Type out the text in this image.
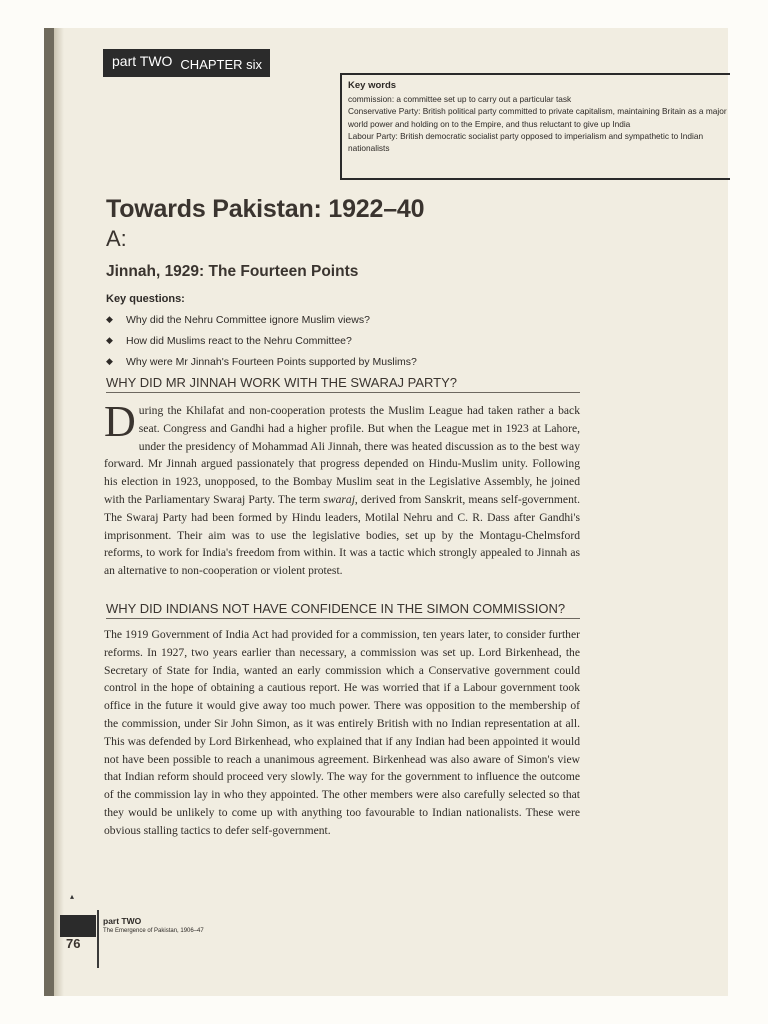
part TWO CHAPTER six
Key words
commission: a committee set up to carry out a particular task
Conservative Party: British political party committed to private capitalism, maintaining Britain as a major world power and holding on to the Empire, and thus reluctant to give up India
Labour Party: British democratic socialist party opposed to imperialism and sympathetic to Indian nationalists
Towards Pakistan: 1922–40
A:
Jinnah, 1929: The Fourteen Points
Key questions:
◆	Why did the Nehru Committee ignore Muslim views?
◆	How did Muslims react to the Nehru Committee?
◆	Why were Mr Jinnah's Fourteen Points supported by Muslims?
WHY DID MR JINNAH WORK WITH THE SWARAJ PARTY?

During the Khilafat and non-cooperation protests the Muslim League had taken rather a back seat. Congress and Gandhi had a higher profile. But when the League met in 1923 at Lahore, under the presidency of Mohammad Ali Jinnah, there was heated discussion as to the best way forward. Mr Jinnah argued passionately that progress depended on Hindu-Muslim unity. Following his election in 1923, unopposed, to the Bombay Muslim seat in the Legislative Assembly, he joined with the Parliamentary Swaraj Party. The term swaraj, derived from Sanskrit, means self-government. The Swaraj Party had been formed by Hindu leaders, Motilal Nehru and C. R. Dass after Gandhi's imprisonment. Their aim was to use the legislative bodies, set up by the Montagu-Chelmsford reforms, to work for India's freedom from within. It was a tactic which strongly appealed to Jinnah as an alternative to non-cooperation or violent protest.

WHY DID INDIANS NOT HAVE CONFIDENCE IN THE SIMON COMMISSION?

The 1919 Government of India Act had provided for a commission, ten years later, to consider further reforms. In 1927, two years earlier than necessary, a commission was set up. Lord Birkenhead, the Secretary of State for India, wanted an early commission which a Conservative government could control in the hope of obtaining a cautious report. He was worried that if a Labour government took office in the future it would give away too much power. There was opposition to the membership of the commission, under Sir John Simon, as it was entirely British with no Indian representation at all. This was defended by Lord Birkenhead, who explained that if any Indian had been appointed it would not have been possible to reach a unanimous agreement. Birkenhead was also aware of Simon's view that Indian reform should proceed very slowly. The way for the government to influence the outcome of the commission lay in who they appointed. The other members were also carefully selected so that they would be unlikely to come up with anything too favourable to Indian nationalists. These were obvious stalling tactics to defer self-government.

▴
76
part TWO
The Emergence of Pakistan, 1906–47
